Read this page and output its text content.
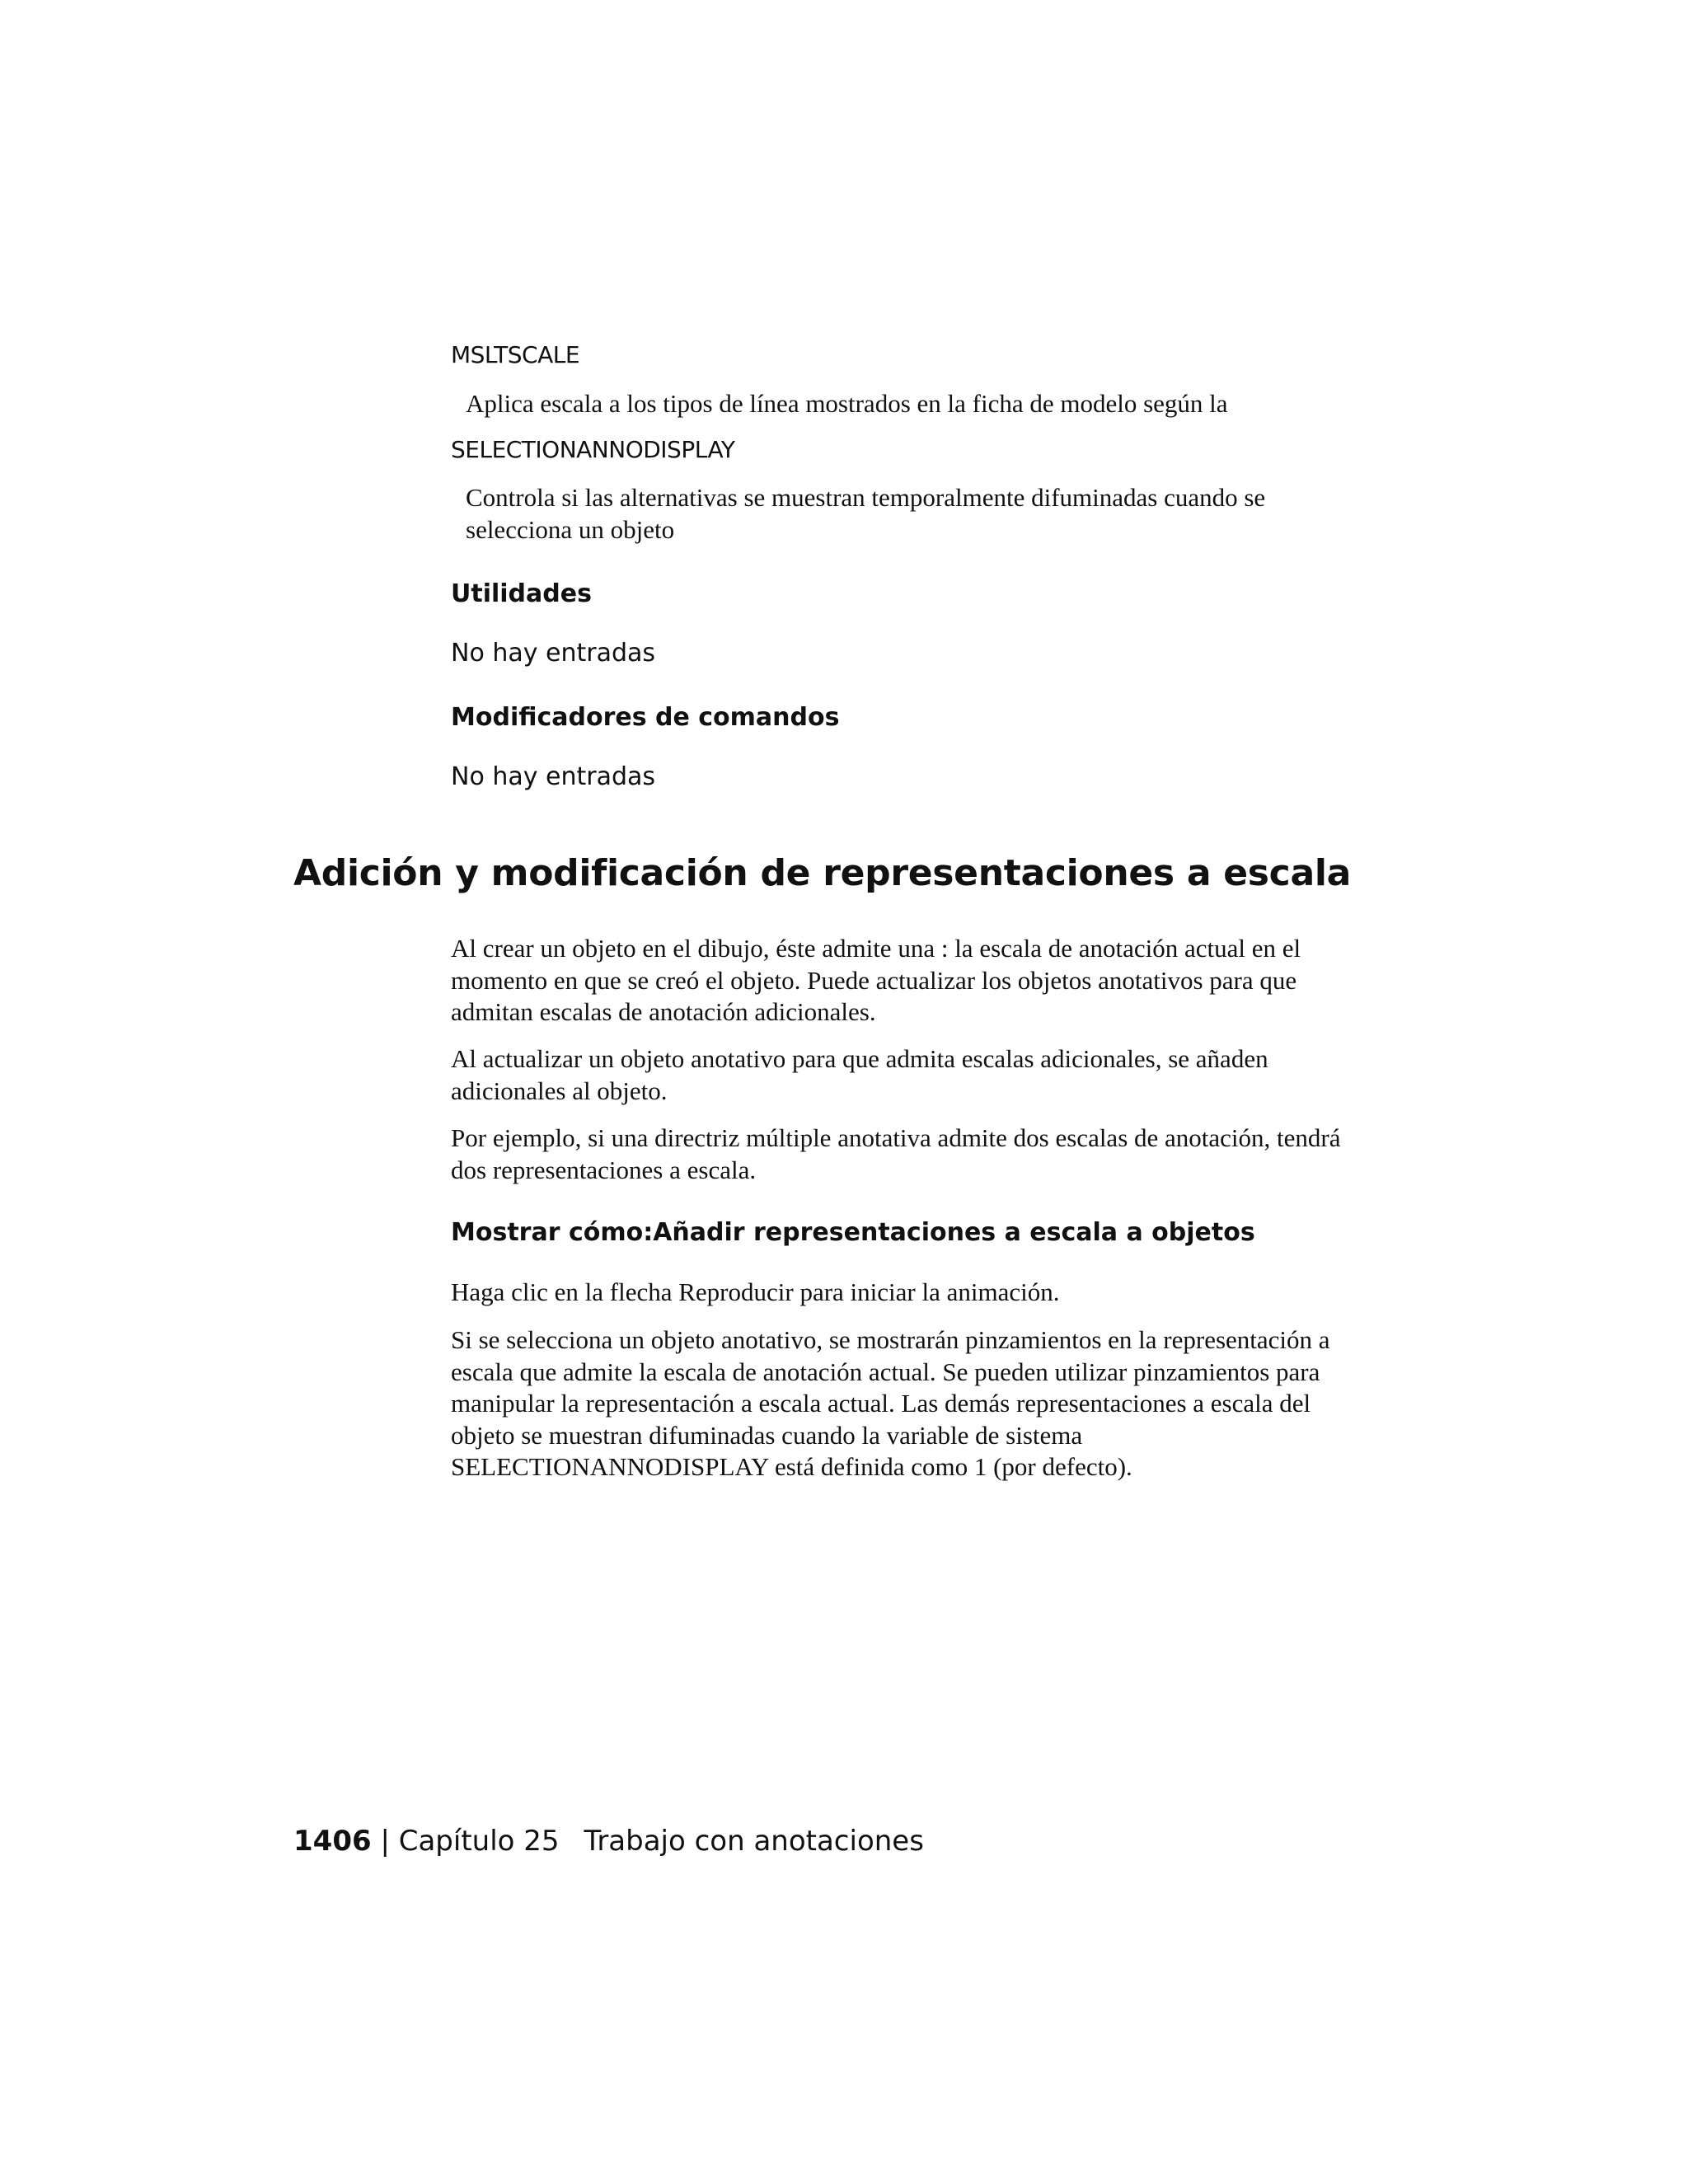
MSLTSCALE
Aplica escala a los tipos de línea mostrados en la ficha de modelo según la
SELECTIONANNODISPLAY
Controla si las alternativas se muestran temporalmente difuminadas cuando se selecciona un objeto
Utilidades
No hay entradas
Modificadores de comandos
No hay entradas
Adición y modificación de representaciones a escala

Al crear un objeto en el dibujo, éste admite una : la escala de anotación actual en el momento en que se creó el objeto. Puede actualizar los objetos anotativos para que admitan escalas de anotación adicionales.

Al actualizar un objeto anotativo para que admita escalas adicionales, se añaden adicionales al objeto.

Por ejemplo, si una directriz múltiple anotativa admite dos escalas de anotación, tendrá dos representaciones a escala.

Mostrar cómo:Añadir representaciones a escala a objetos

Haga clic en la flecha Reproducir para iniciar la animación.

Si se selecciona un objeto anotativo, se mostrarán pinzamientos en la representación a escala que admite la escala de anotación actual. Se pueden utilizar pinzamientos para manipular la representación a escala actual. Las demás representaciones a escala del objeto se muestran difuminadas cuando la variable de sistema SELECTIONANNODISPLAY está definida como 1 (por defecto).

1406 | Capítulo 25 Trabajo con anotaciones
